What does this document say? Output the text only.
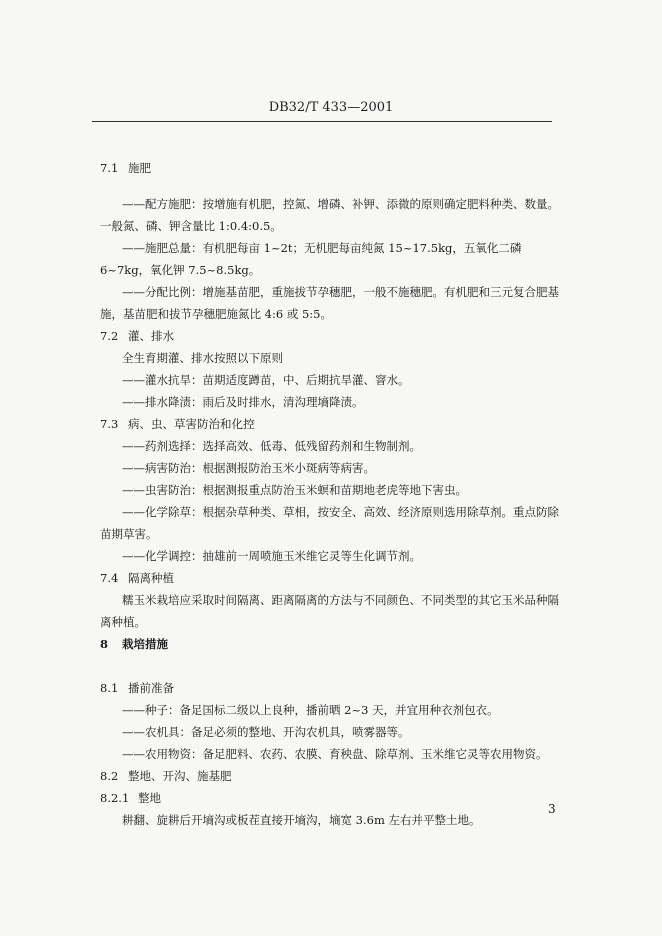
DB32/T 433—2001
7.1 施肥

——配方施肥：按增施有机肥，控氮、增磷、补钾、添微的原则确定肥料种类、数量。一般氮、磷、钾含量比 1:0.4:0.5。

——施肥总量：有机肥每亩 1~2t；无机肥每亩纯氮 15~17.5kg，五氧化二磷 6~7kg，氧化钾 7.5~8.5kg。

——分配比例：增施基苗肥，重施拔节孕穗肥，一般不施穗肥。有机肥和三元复合肥基施，基苗肥和拔节孕穗肥施氮比 4:6 或 5:5。

7.2 灌、排水

全生育期灌、排水按照以下原则

——灌水抗旱：苗期适度蹲苗，中、后期抗旱灌、窨水。

——排水降渍：雨后及时排水，清沟理墒降渍。

7.3 病、虫、草害防治和化控

——药剂选择：选择高效、低毒、低残留药剂和生物制剂。

——病害防治：根据测报防治玉米小斑病等病害。

——虫害防治：根据测报重点防治玉米螟和苗期地老虎等地下害虫。

——化学除草：根据杂草种类、草相，按安全、高效、经济原则选用除草剂。重点防除苗期草害。

——化学调控：抽雄前一周喷施玉米维它灵等生化调节剂。

7.4 隔离种植

糯玉米栽培应采取时间隔离、距离隔离的方法与不同颜色、不同类型的其它玉米品种隔离种植。

8 栽培措施
8.1 播前准备

——种子：备足国标二级以上良种，播前晒 2~3 天，并宜用种衣剂包衣。

——农机具：备足必须的整地、开沟农机具，喷雾器等。

——农用物资：备足肥料、农药、农膜、育秧盘、除草剂、玉米维它灵等农用物资。

8.2 整地、开沟、施基肥
8.2.1 整地

耕翻、旋耕后开墒沟或板茬直接开墒沟，墒宽 3.6m 左右并平整土地。

3
